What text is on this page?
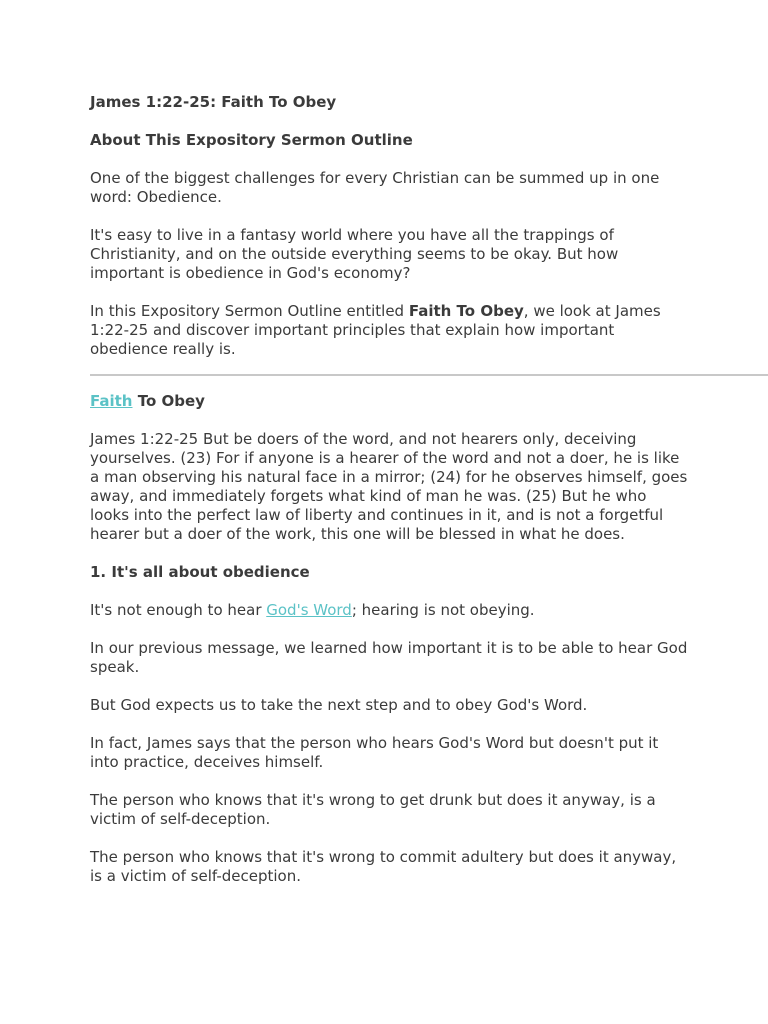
James 1:22-25: Faith To Obey

About This Expository Sermon Outline

One of the biggest challenges for every Christian can be summed up in one word: Obedience.

It's easy to live in a fantasy world where you have all the trappings of Christianity, and on the outside everything seems to be okay. But how important is obedience in God's economy?

In this Expository Sermon Outline entitled Faith To Obey, we look at James 1:22-25 and discover important principles that explain how important obedience really is.

Faith To Obey

James 1:22-25 But be doers of the word, and not hearers only, deceiving yourselves. (23) For if anyone is a hearer of the word and not a doer, he is like a man observing his natural face in a mirror; (24) for he observes himself, goes away, and immediately forgets what kind of man he was. (25) But he who looks into the perfect law of liberty and continues in it, and is not a forgetful hearer but a doer of the work, this one will be blessed in what he does.

1. It's all about obedience

It's not enough to hear God's Word; hearing is not obeying.

In our previous message, we learned how important it is to be able to hear God speak.

But God expects us to take the next step and to obey God's Word.

In fact, James says that the person who hears God's Word but doesn't put it into practice, deceives himself.

The person who knows that it's wrong to get drunk but does it anyway, is a victim of self-deception.

The person who knows that it's wrong to commit adultery but does it anyway, is a victim of self-deception.
